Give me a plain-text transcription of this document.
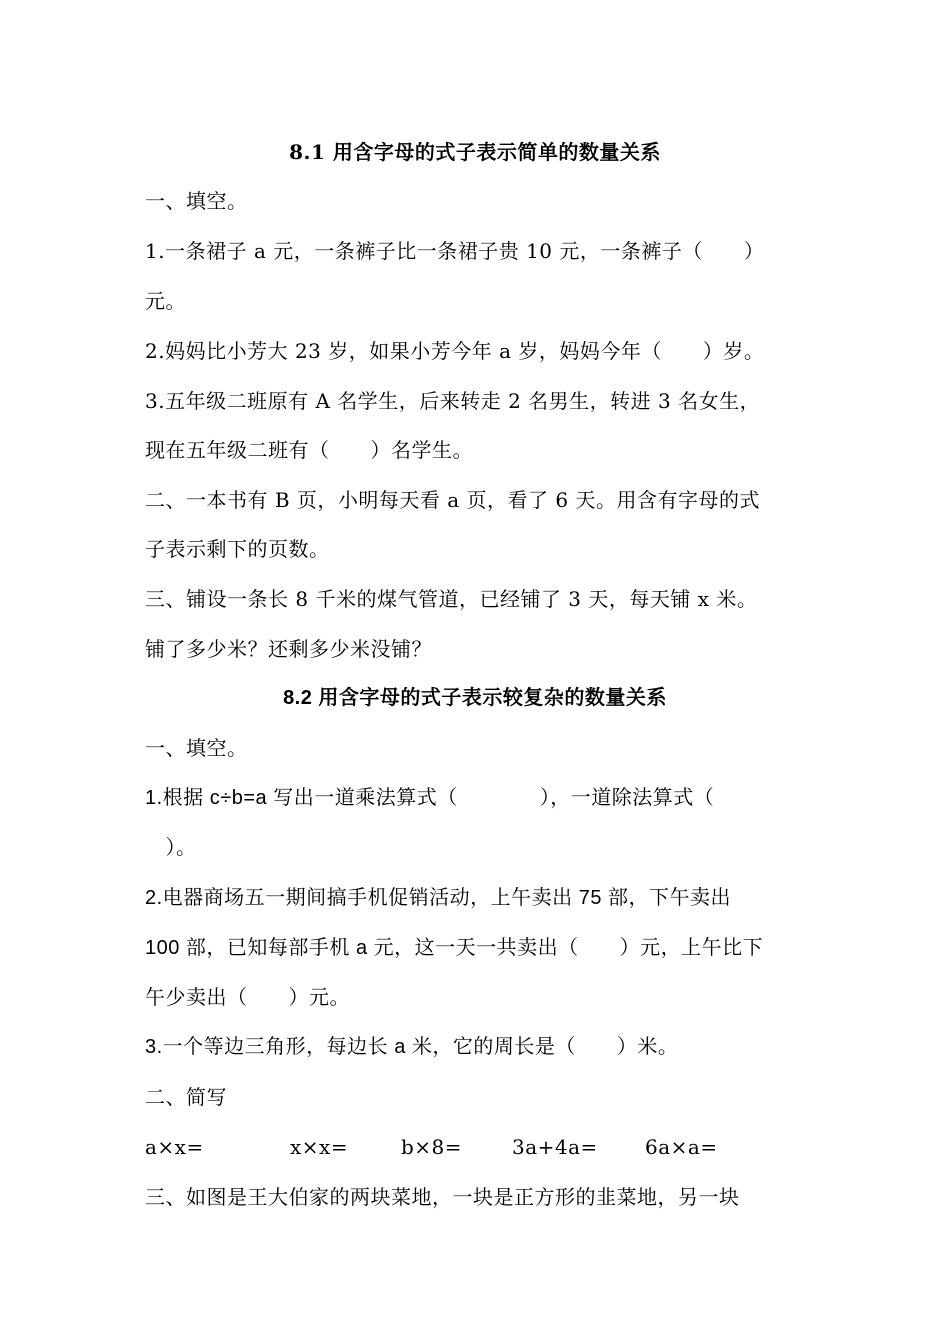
8.1 用含字母的式子表示简单的数量关系
一、填空。
1.一条裙子 a 元，一条裤子比一条裙子贵 10 元，一条裤子（　　）
元。
2.妈妈比小芳大 23 岁，如果小芳今年 a 岁，妈妈今年（　　）岁。
3.五年级二班原有 A 名学生，后来转走 2 名男生，转进 3 名女生，
现在五年级二班有（　　）名学生。
二、一本书有 B 页，小明每天看 a 页，看了 6 天。用含有字母的式
子表示剩下的页数。
三、铺设一条长 8 千米的煤气管道，已经铺了 3 天，每天铺 x 米。
铺了多少米？还剩多少米没铺？
8.2 用含字母的式子表示较复杂的数量关系
一、填空。
1.根据 c÷b=a 写出一道乘法算式（　　　　），一道除法算式（
　）。
2.电器商场五一期间搞手机促销活动，上午卖出 75 部，下午卖出
100 部，已知每部手机 a 元，这一天一共卖出（　　）元，上午比下
午少卖出（　　）元。
3.一个等边三角形，每边长 a 米，它的周长是（　　）米。
二、简写
a×x=	x×x=	b×8= 3a+4a= 6a×a=
三、如图是王大伯家的两块菜地，一块是正方形的韭菜地，另一块
